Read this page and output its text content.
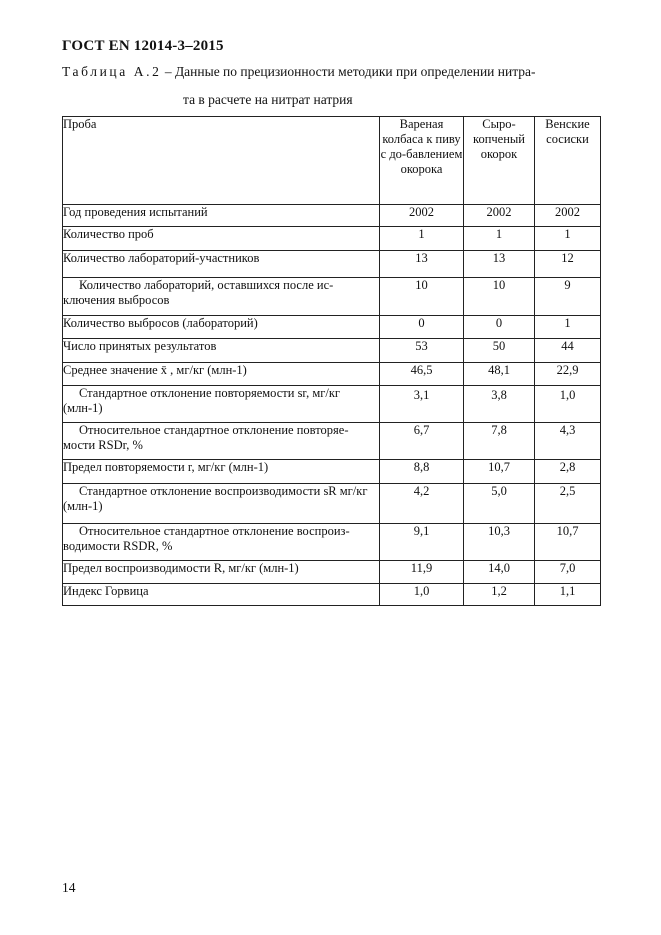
ГОСТ EN 12014-3–2015
Таблица А.2 – Данные по прецизионности методики при определении нитра-
та в расчете на нитрат натрия
Проба	Вареная колбаса к пиву с до-бавлением окорока	Сыро-копченый окорок	Венские сосиски
Год проведения испытаний	2002	2002	2002
Количество проб	1	1	1
Количество лабораторий-участников	13	13	12
Количество лабораторий, оставшихся после ис-ключения выбросов	10	10	9
Количество выбросов (лабораторий)	0	0	1
Число принятых результатов	53	50	44
Среднее значение x̄ , мг/кг (млн-1)	46,5	48,1	22,9
Стандартное отклонение повторяемости sr, мг/кг (млн-1)	3,1	3,8	1,0
Относительное стандартное отклонение повторяе-мости RSDr, %	6,7	7,8	4,3
Предел повторяемости r, мг/кг (млн-1)	8,8	10,7	2,8
Стандартное отклонение воспроизводимости sR мг/кг (млн-1)	4,2	5,0	2,5
Относительное стандартное отклонение воспроиз-водимости RSDR, %	9,1	10,3	10,7
Предел воспроизводимости R, мг/кг (млн-1)	11,9	14,0	7,0
Индекс Горвица	1,0	1,2	1,1
14
